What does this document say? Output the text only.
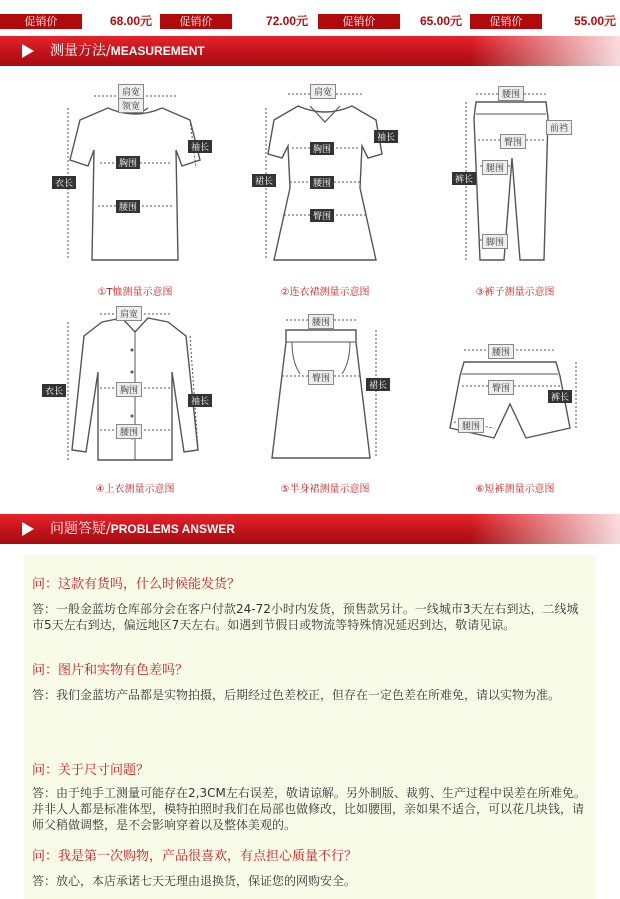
促销价	68.00元	促销价	72.00元	促销价	65.00元	促销价	55.00元
测量方法/MEASUREMENT
肩宽
领宽
袖长
胸围
衣长
腰围
①T恤测量示意图
肩宽
袖长
胸围
裙长	腰围
臀围
②连衣裙测量示意图
腰围
前裆
臀围
腿围
裤长
脚围
③裤子测量示意图
肩宽
胸围
衣长
袖长
腰围
④上衣测量示意图
腰围
臀围
裙长
⑤半身裙测量示意图
腰围
臀围
裤长
腿围
⑥短裤测量示意图
问题答疑/PROBLEMS ANSWER
问：这款有货吗，什么时候能发货？
答：一般金蓝坊仓库部分会在客户付款24-72小时内发货，预售款另计。一线城市3天左右到达，二线城市5天左右到达，偏远地区7天左右。如遇到节假日或物流等特殊情况延迟到达，敬请见谅。
问：图片和实物有色差吗？
答：我们金蓝坊产品都是实物拍摄，后期经过色差校正，但存在一定色差在所难免，请以实物为准。
问：关于尺寸问题？
答：由于纯手工测量可能存在2,3CM左右误差，敬请谅解。另外制版、裁剪、生产过程中误差在所难免。并非人人都是标准体型，模特拍照时我们在局部也做修改，比如腰围，亲如果不适合，可以花几块钱，请师父稍做调整，是不会影响穿着以及整体美观的。
问：我是第一次购物，产品很喜欢，有点担心质量不行？
答：放心，本店承诺七天无理由退换货，保证您的网购安全。
